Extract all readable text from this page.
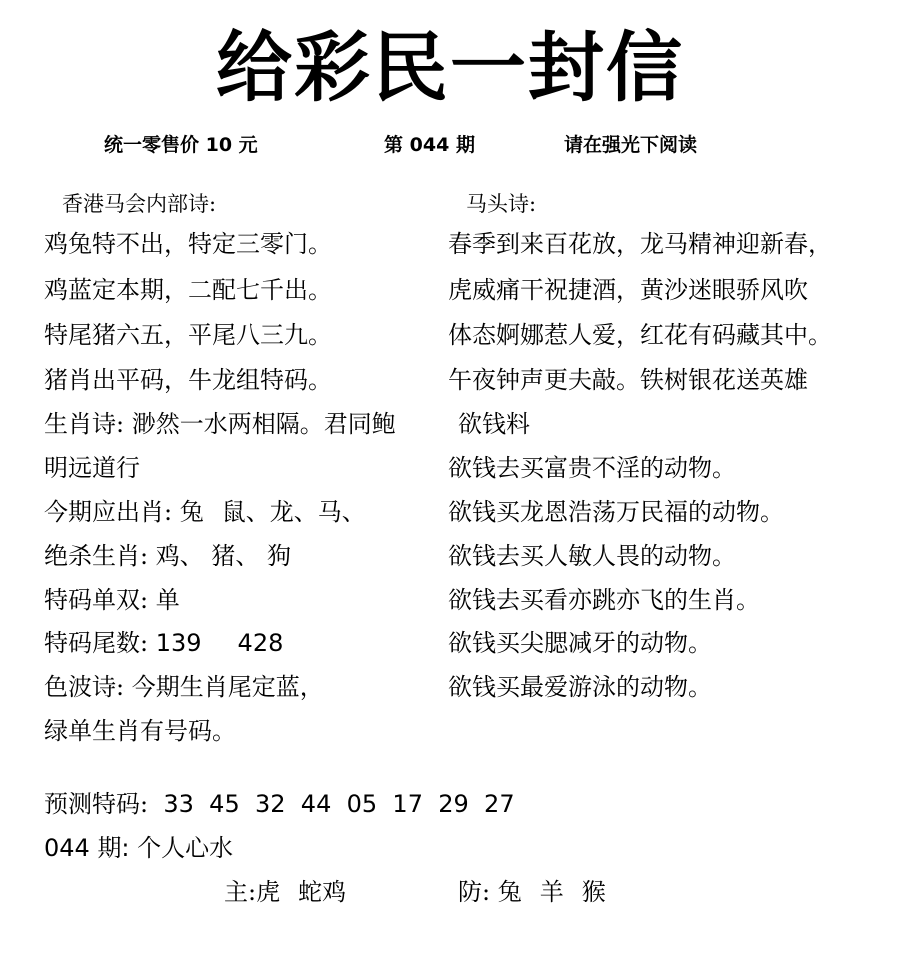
给彩民一封信
统一零售价 10 元	第 044 期	请在强光下阅读
香港马会内部诗:
鸡兔特不出，特定三零门。
鸡蓝定本期，二配七千出。
特尾猪六五，平尾八三九。
猪肖出平码，牛龙组特码。
生肖诗: 渺然一水两相隔。君同鲍
明远道行
今期应出肖: 兔 鼠、龙、马、
绝杀生肖: 鸡、 猪、 狗
特码单双: 单
特码尾数: 139 428
色波诗: 今期生肖尾定蓝，
绿单生肖有号码。
马头诗:
春季到来百花放，龙马精神迎新春，
虎威痛干祝捷酒，黄沙迷眼骄风吹
体态婀娜惹人爱，红花有码藏其中。
午夜钟声更夫敲。铁树银花送英雄
欲钱料
欲钱去买富贵不淫的动物。
欲钱买龙恩浩荡万民福的动物。
欲钱去买人敏人畏的动物。
欲钱去买看亦跳亦飞的生肖。
欲钱买尖腮减牙的动物。
欲钱买最爱游泳的动物。
预测特码: 33 45 32 44 05 17 29 27
044 期: 个人心水
主:虎 蛇鸡	防: 兔 羊 猴
